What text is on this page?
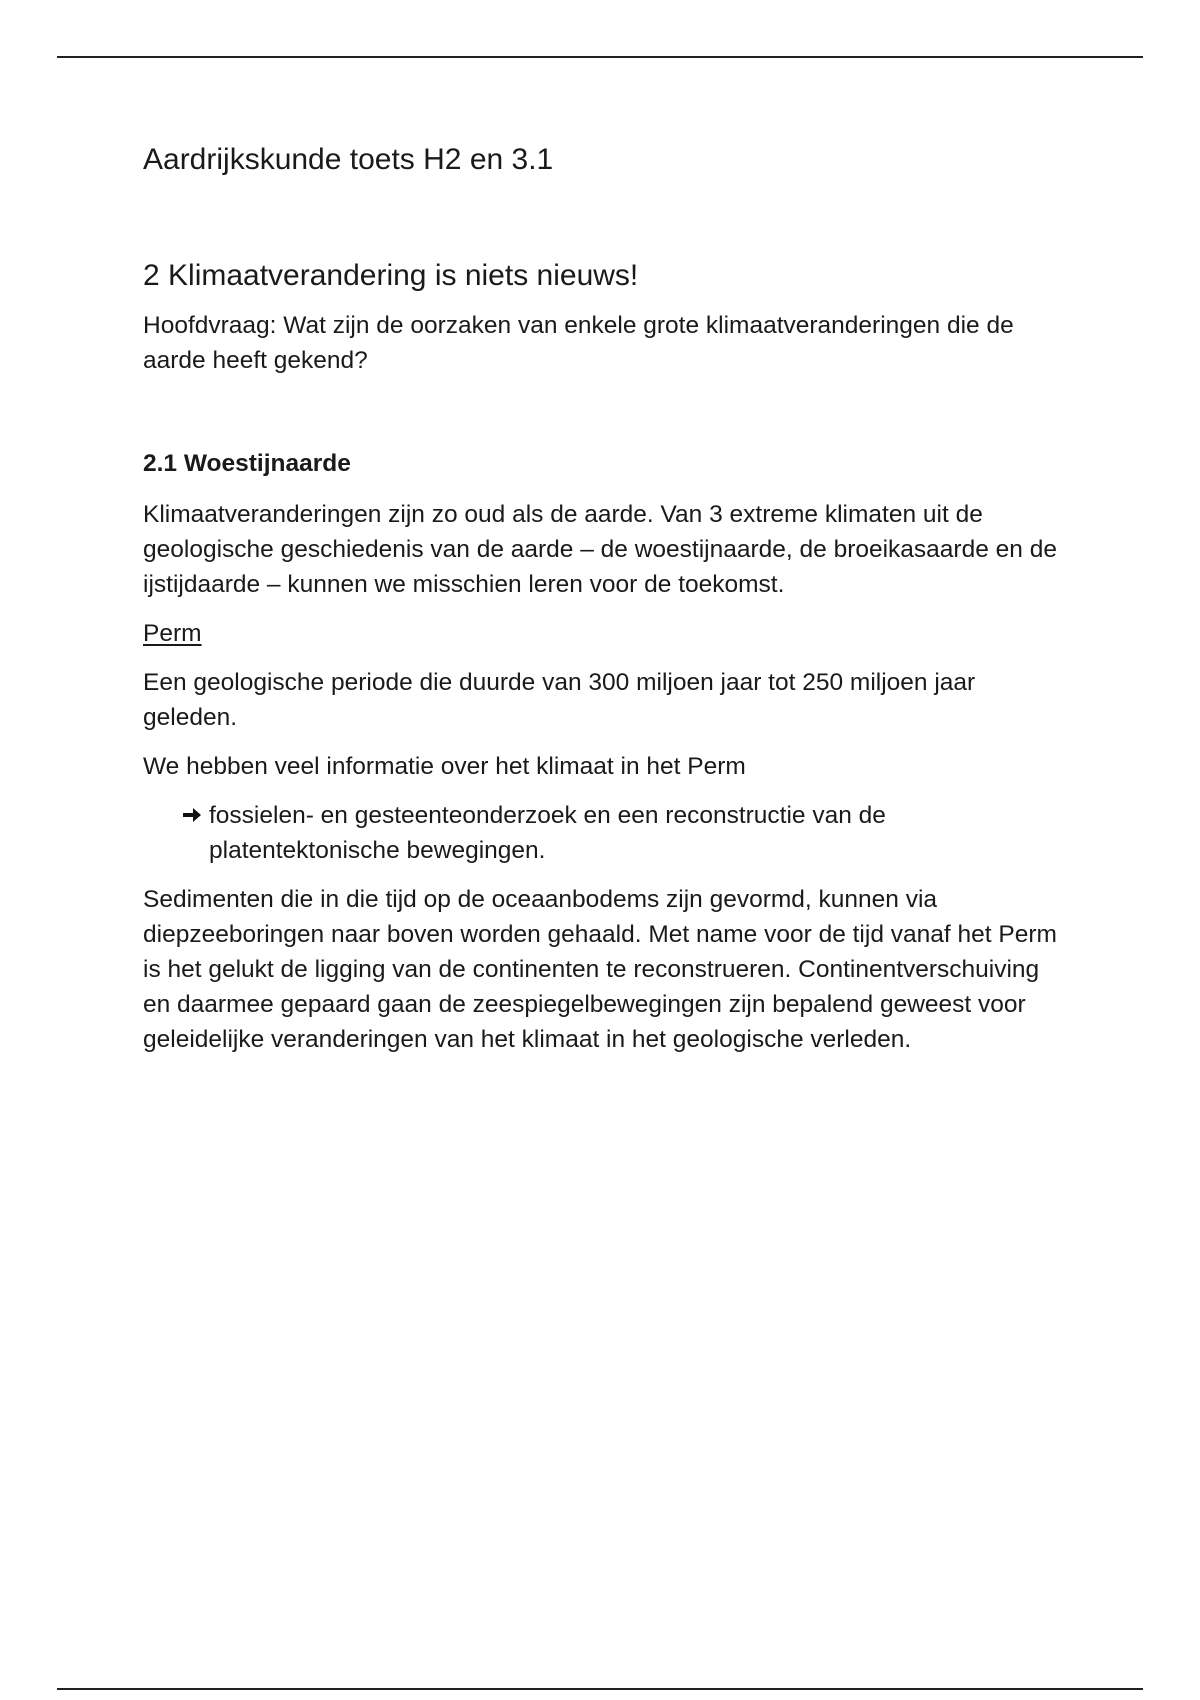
Aardrijkskunde toets H2 en 3.1
2 Klimaatverandering is niets nieuws!

Hoofdvraag: Wat zijn de oorzaken van enkele grote klimaatveranderingen die de aarde heeft gekend?

2.1 Woestijnaarde

Klimaatveranderingen zijn zo oud als de aarde. Van 3 extreme klimaten uit de geologische geschiedenis van de aarde – de woestijnaarde, de broeikasaarde en de ijstijdaarde – kunnen we misschien leren voor de toekomst.

Perm

Een geologische periode die duurde van 300 miljoen jaar tot 250 miljoen jaar geleden.

We hebben veel informatie over het klimaat in het Perm

fossielen- en gesteenteonderzoek en een reconstructie van de platentektonische bewegingen.

Sedimenten die in die tijd op de oceaanbodems zijn gevormd, kunnen via diepzeeboringen naar boven worden gehaald. Met name voor de tijd vanaf het Perm is het gelukt de ligging van de continenten te reconstrueren. Continentverschuiving en daarmee gepaard gaan de zeespiegelbewegingen zijn bepalend geweest voor geleidelijke veranderingen van het klimaat in het geologische verleden.
